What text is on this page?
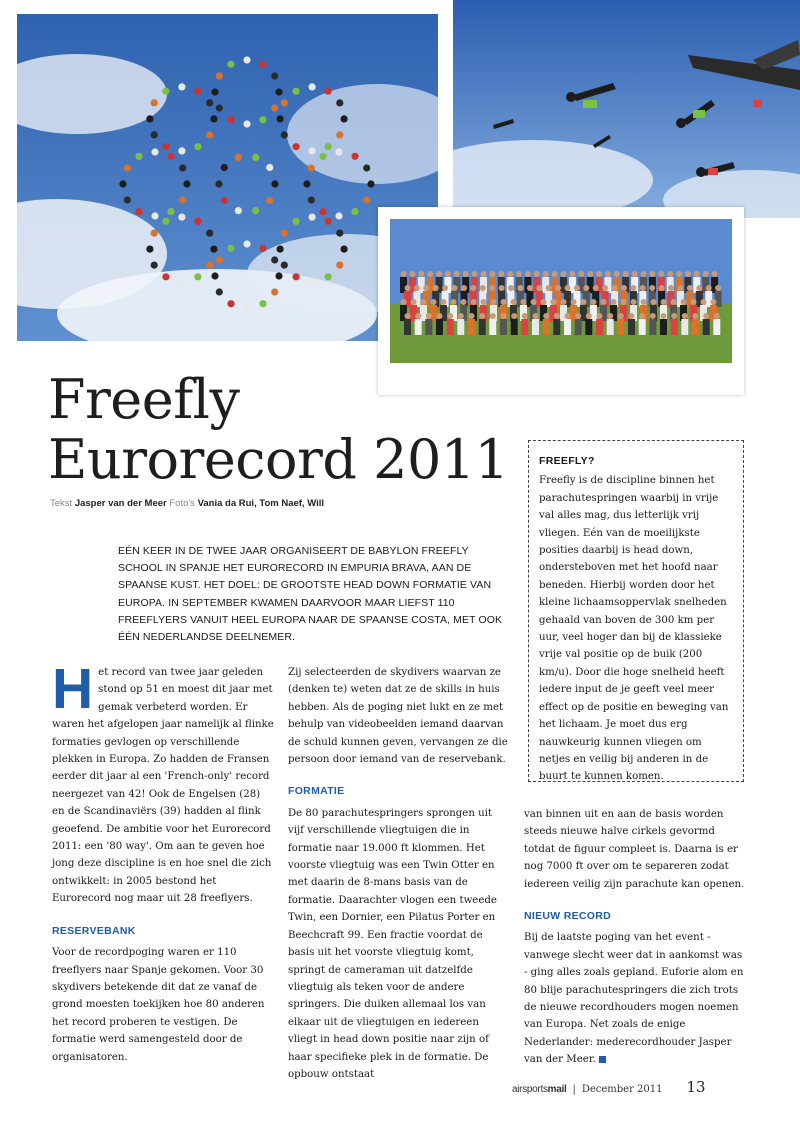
Freefly
Eurorecord 2011
Tekst Jasper van der Meer Foto's Vania da Rui, Tom Naef, Will
EÉN KEER IN DE TWEE JAAR ORGANISEERT DE BABYLON FREEFLY SCHOOL IN SPANJE HET EURORECORD IN EMPURIA BRAVA, AAN DE SPAANSE KUST. HET DOEL: DE GROOTSTE HEAD DOWN FORMATIE VAN EUROPA. IN SEPTEMBER KWAMEN DAARVOOR MAAR LIEFST 110 FREEFLYERS VANUIT HEEL EUROPA NAAR DE SPAANSE COSTA, MET OOK ÉÉN NEDERLANDSE DEELNEMER.

H et record van twee jaar geleden stond op 51 en moest dit jaar met gemak verbeterd worden. Er waren het afgelopen jaar namelijk al flinke formaties gevlogen op verschillende plekken in Europa. Zo hadden de Fransen eerder dit jaar al een 'French-only' record neergezet van 42! Ook de Engelsen (28) en de Scandinaviërs (39) hadden al flink geoefend. De ambitie voor het Eurorecord 2011: een '80 way'. Om aan te geven hoe jong deze discipline is en hoe snel die zich ontwikkelt: in 2005 bestond het Eurorecord nog maar uit 28 freeflyers.

RESERVEBANK

Voor de recordpoging waren er 110 freeflyers naar Spanje gekomen. Voor 30 skydivers betekende dit dat ze vanaf de grond moesten toekijken hoe 80 anderen het record proberen te vestigen. De formatie werd samengesteld door de organisatoren.

Zij selecteerden de skydivers waarvan ze (denken te) weten dat ze de skills in huis hebben. Als de poging niet lukt en ze met behulp van videobeelden iemand daarvan de schuld kunnen geven, vervangen ze die persoon door iemand van de reservebank.

FORMATIE

De 80 parachutespringers sprongen uit vijf verschillende vliegtuigen die in formatie naar 19.000 ft klommen. Het voorste vliegtuig was een Twin Otter en met daarin de 8-mans basis van de formatie. Daarachter vlogen een tweede Twin, een Dornier, een Pilatus Porter en Beechcraft 99. Een fractie voordat de basis uit het voorste vliegtuig komt, springt de cameraman uit datzelfde vliegtuig als teken voor de andere springers. Die duiken allemaal los van elkaar uit de vliegtuigen en iedereen vliegt in head down positie naar zijn of haar specifieke plek in de formatie. De opbouw ontstaat

FREEFLY?
Freefly is de discipline binnen het parachutespringen waarbij in vrije val alles mag, dus letterlijk vrij vliegen. Eén van de moeilijkste posities daarbij is head down, ondersteboven met het hoofd naar beneden. Hierbij worden door het kleine lichaamsoppervlak snelheden gehaald van boven de 300 km per uur, veel hoger dan bij de klassieke vrije val positie op de buik (200 km/u). Door die hoge snelheid heeft iedere input de je geeft veel meer effect op de positie en beweging van het lichaam. Je moet dus erg nauwkeurig kunnen vliegen om netjes en veilig bij anderen in de buurt te kunnen komen.

van binnen uit en aan de basis worden steeds nieuwe halve cirkels gevormd totdat de figuur compleet is. Daarna is er nog 7000 ft over om te separeren zodat iedereen veilig zijn parachute kan openen.

NIEUW RECORD

Bij de laatste poging van het event - vanwege slecht weer dat in aankomst was - ging alles zoals gepland. Euforie alom en 80 blije parachutespringers die zich trots de nieuwe recordhouders mogen noemen van Europa. Net zoals de enige Nederlander: mederecordhouder Jasper van der Meer.

airsportsmail | December 2011 13
